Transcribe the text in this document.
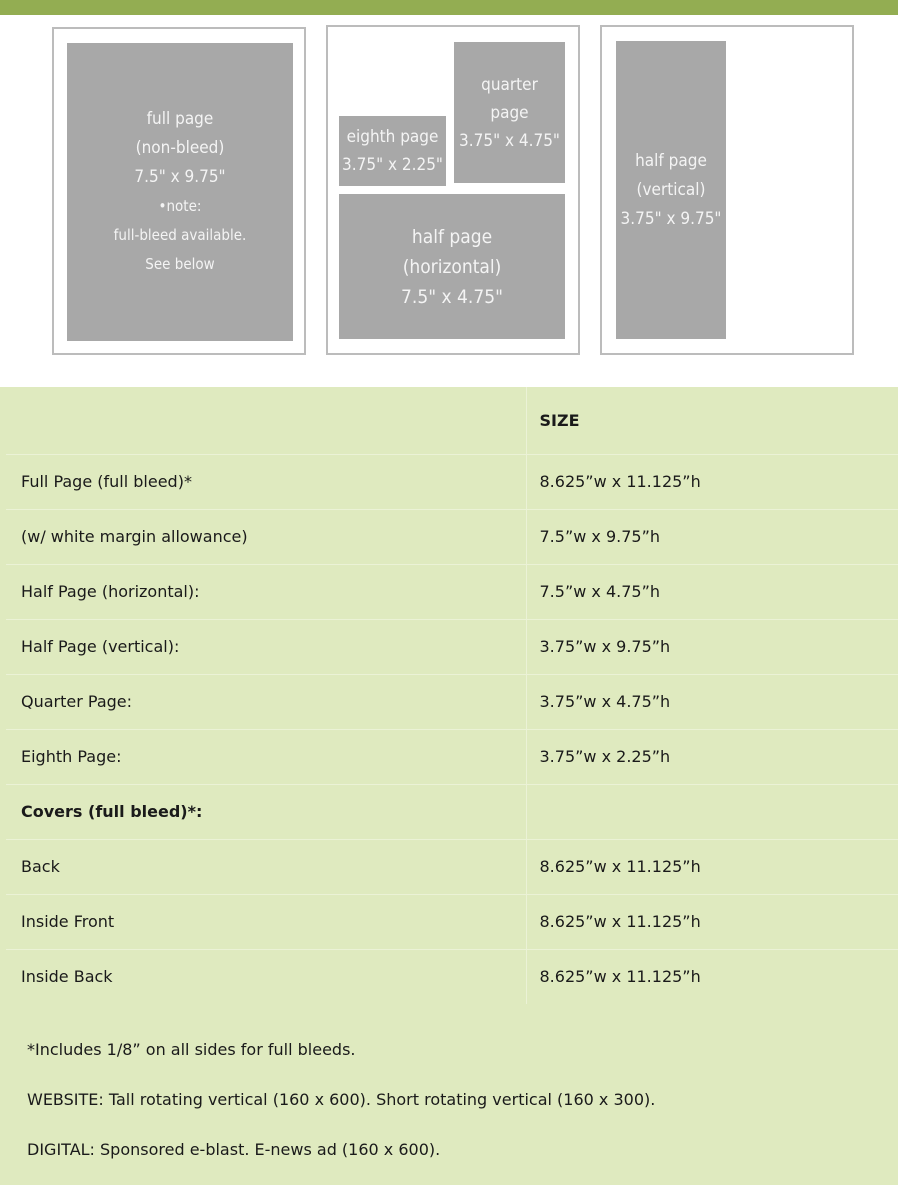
full page
(non-bleed)
7.5" x 9.75"
•note:
full-bleed available.
See below
eighth page
3.75" x 2.25"
quarter
page
3.75" x 4.75"
half page
(horizontal)
7.5" x 4.75"
half page
(vertical)
3.75" x 9.75"
	SIZE
Full Page (full bleed)*	8.625”w x 11.125”h
(w/ white margin allowance)	7.5”w x 9.75”h
Half Page (horizontal):	7.5”w x 4.75”h
Half Page (vertical):	3.75”w x 9.75”h
Quarter Page:	3.75”w x 4.75”h
Eighth Page:	3.75”w x 2.25”h
Covers (full bleed)*:	
Back	8.625”w x 11.125”h
Inside Front	8.625”w x 11.125”h
Inside Back	8.625”w x 11.125”h

*Includes 1/8” on all sides for full bleeds.

WEBSITE: Tall rotating vertical (160 x 600). Short rotating vertical (160 x 300).

DIGITAL: Sponsored e-blast. E-news ad (160 x 600).
